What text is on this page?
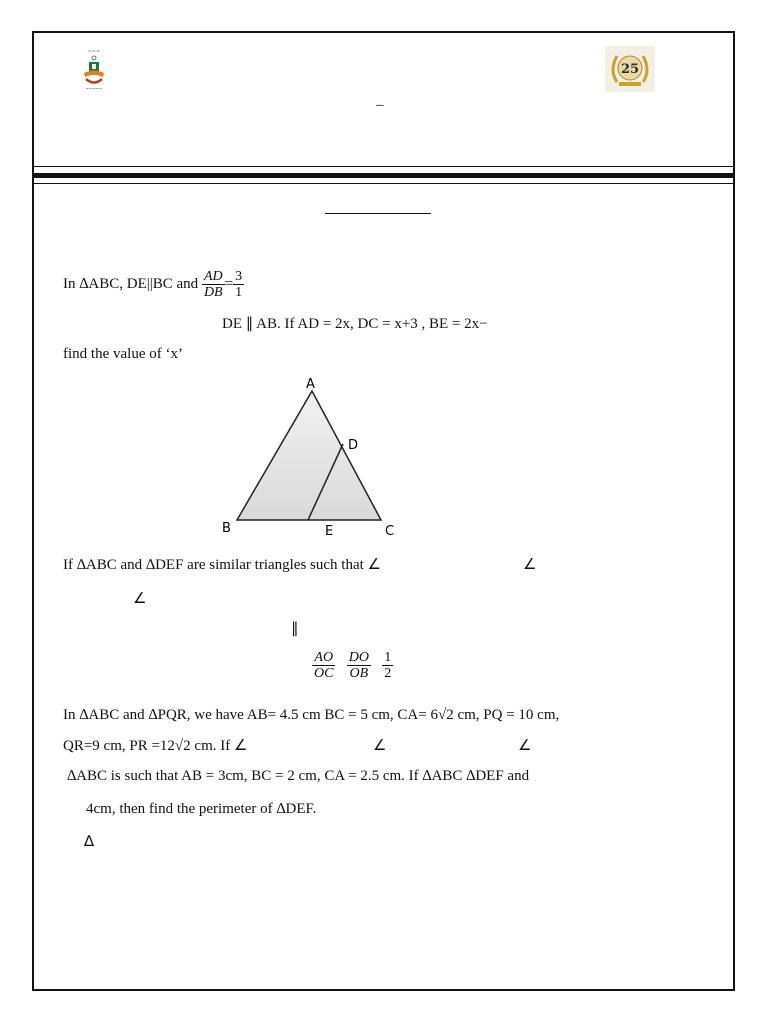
~~~
~~~~~
25
–
In ∆ABC, DE||BC and $\frac{AD}{DB} = \frac{3}{1}$
DE ∥ AB. If AD = 2x, DC = x+3 , BE = 2x−
find the value of ‘x’
A
B	C
D
E
If ∆ABC and ∆DEF are similar triangles such that ∠	∠
∠
∥
$\frac{AO}{OC}$
$\frac{DO}{OB}$
$\frac{1}{2}$
In ∆ABC and ∆PQR, we have AB= 4.5 cm BC = 5 cm, CA= 6√2 cm, PQ = 10 cm,
QR=9 cm, PR =12√2 cm. If ∠	∠	∠
∆ABC is such that AB = 3cm, BC = 2 cm, CA = 2.5 cm. If ∆ABC ∆DEF and
4cm, then find the perimeter of ∆DEF.
∆
